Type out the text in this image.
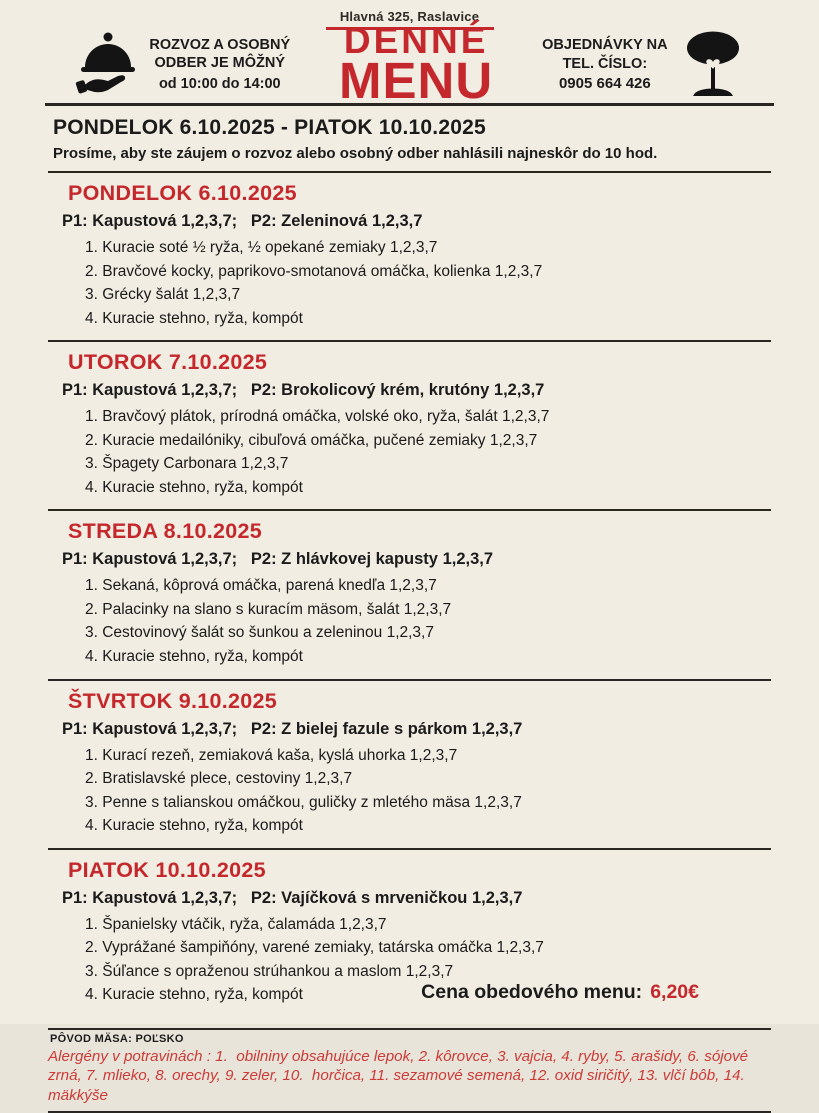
Hlavná 325, Raslavice
ROZVOZ A OSOBNÝ
ODBER JE MÔŽNÝ
od 10:00 do 14:00
DENNÉ
MENU
OBJEDNÁVKY NA
TEL. ČÍSLO:
0905 664 426
PONDELOK 6.10.2025 - PIATOK 10.10.2025
Prosíme, aby ste záujem o rozvoz alebo osobný odber nahlásili najneskôr do 10 hod.
PONDELOK 6.10.2025

P1: Kapustová 1,2,3,7;   P2: Zeleninová 1,2,3,7

1. Kuracie soté ½ ryža, ½ opekané zemiaky 1,2,3,7
2. Bravčové kocky, paprikovo-smotanová omáčka, kolienka 1,2,3,7
3. Grécky šalát 1,2,3,7
4. Kuracie stehno, ryža, kompót
UTOROK 7.10.2025

P1: Kapustová 1,2,3,7;   P2: Brokolicový krém, krutóny 1,2,3,7

1. Bravčový plátok, prírodná omáčka, volské oko, ryža, šalát 1,2,3,7
2. Kuracie medailóniky, cibuľová omáčka, pučené zemiaky 1,2,3,7
3. Špagety Carbonara 1,2,3,7
4. Kuracie stehno, ryža, kompót
STREDA 8.10.2025

P1: Kapustová 1,2,3,7;   P2: Z hlávkovej kapusty 1,2,3,7

1. Sekaná, kôprová omáčka, parená knedľa 1,2,3,7
2. Palacinky na slano s kuracím mäsom, šalát 1,2,3,7
3. Cestovinový šalát so šunkou a zeleninou 1,2,3,7
4. Kuracie stehno, ryža, kompót
ŠTVRTOK 9.10.2025

P1: Kapustová 1,2,3,7;   P2: Z bielej fazule s párkom 1,2,3,7

1. Kurací rezeň, zemiaková kaša, kyslá uhorka 1,2,3,7
2. Bratislavské plece, cestoviny 1,2,3,7
3. Penne s talianskou omáčkou, guličky z mletého mäsa 1,2,3,7
4. Kuracie stehno, ryža, kompót
PIATOK 10.10.2025

P1: Kapustová 1,2,3,7;   P2: Vajíčková s mrveničkou 1,2,3,7

1. Španielsky vtáčik, ryža, čalamáda 1,2,3,7
2. Vyprážané šampiňóny, varené zemiaky, tatárska omáčka 1,2,3,7
3. Šúľance s opraženou strúhankou a maslom 1,2,3,7
4. Kuracie stehno, ryža, kompót	Cena obedového menu: 6,20€
PÔVOD MÄSA: POĽSKO
Alergény v potravinách : 1.  obilniny obsahujúce lepok, 2. kôrovce, 3. vajcia, 4. ryby, 5. arašidy, 6. sójové zrná, 7. mlieko, 8. orechy, 9. zeler, 10.  horčica, 11. sezamové semená, 12. oxid siričitý, 13. vlčí bôb, 14. mäkkýše
